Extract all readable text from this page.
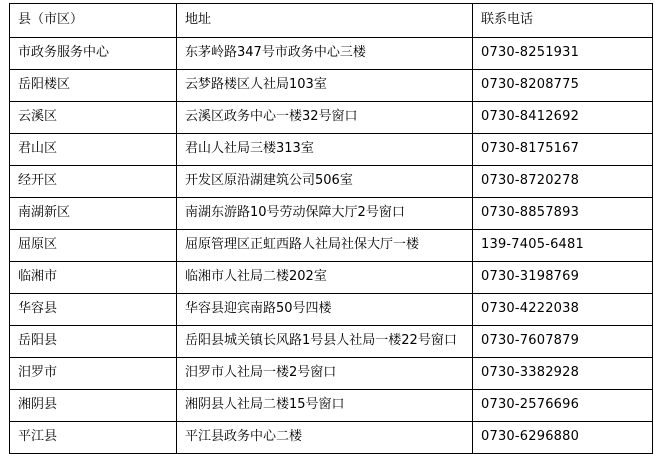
县（市区）	地址	联系电话
市政务服务中心	东茅岭路347号市政务中心三楼	0730-8251931
岳阳楼区	云梦路楼区人社局103室	0730-8208775
云溪区	云溪区政务中心一楼32号窗口	0730-8412692
君山区	君山人社局三楼313室	0730-8175167
经开区	开发区原沿湖建筑公司506室	0730-8720278
南湖新区	南湖东游路10号劳动保障大厅2号窗口	0730-8857893
屈原区	屈原管理区正虹西路人社局社保大厅一楼	139-7405-6481
临湘市	临湘市人社局二楼202室	0730-3198769
华容县	华容县迎宾南路50号四楼	0730-4222038
岳阳县	岳阳县城关镇长风路1号县人社局一楼22号窗口	0730-7607879
汨罗市	汨罗市人社局一楼2号窗口	0730-3382928
湘阴县	湘阴县人社局二楼15号窗口	0730-2576696
平江县	平江县政务中心二楼	0730-6296880
